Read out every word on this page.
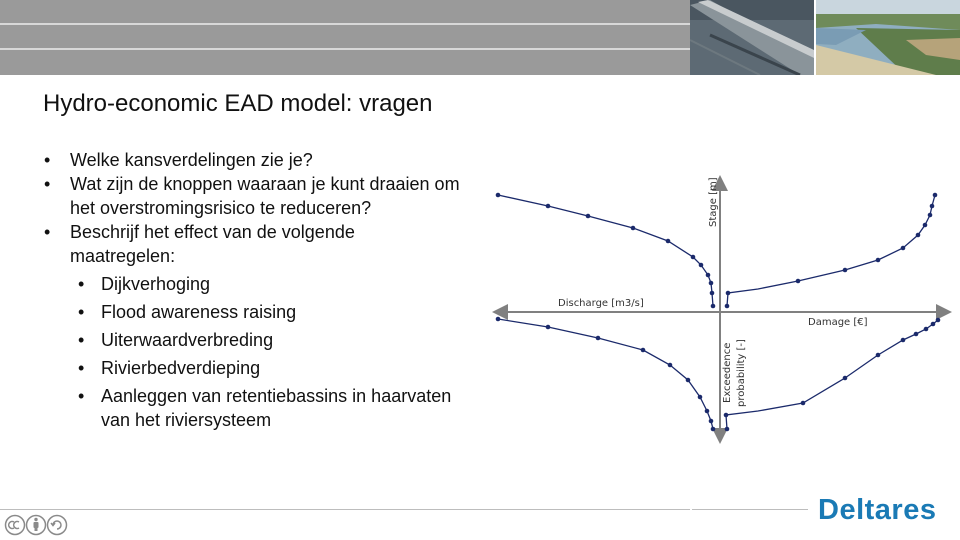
Hydro-economic EAD model: vragen
• Welke kansverdelingen zie je?
• Wat zijn de knoppen waaraan je kunt draaien om het overstromingsrisico te reduceren?
• Beschrijf het effect van de volgende maatregelen:
• Dijkverhoging
• Flood awareness raising
• Uiterwaardverbreding
• Rivierbedverdieping
• Aanleggen van retentiebassins in haarvaten van het riviersysteem
Stage [m]
Discharge [m3/s]
Damage [€]
Exceedence probability [-]
Deltares
